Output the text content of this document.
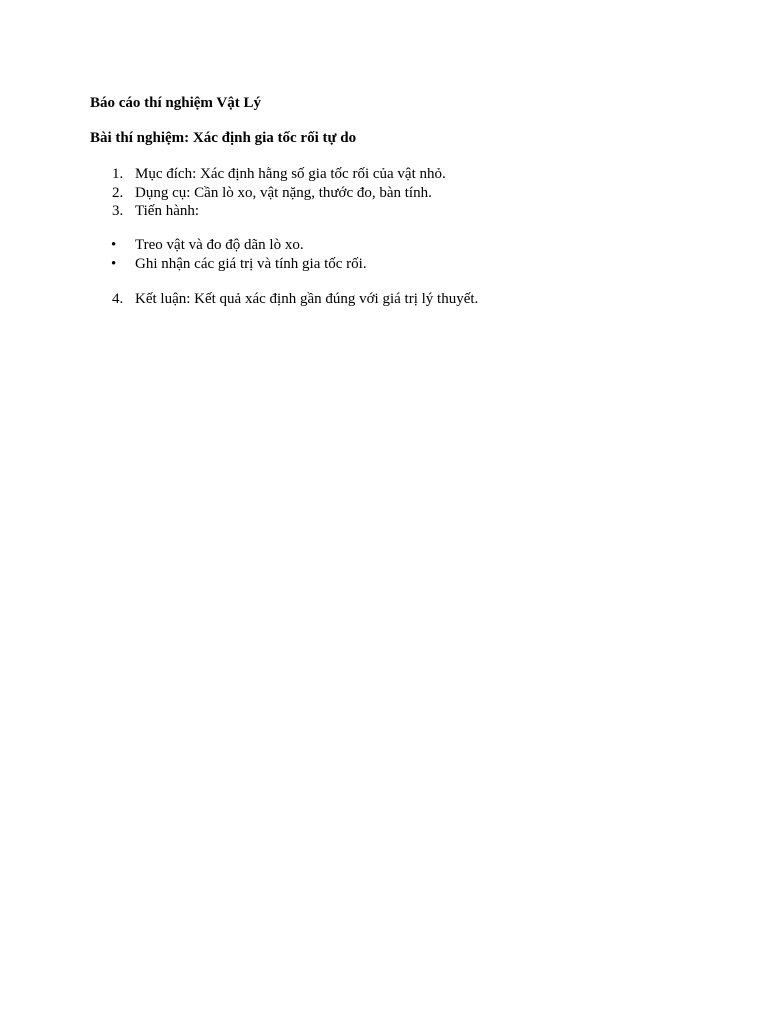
Báo cáo thí nghiệm Vật Lý

Bài thí nghiệm: Xác định gia tốc rối tự do

1. Mục đích: Xác định hằng số gia tốc rối của vật nhỏ.
2. Dụng cụ: Cần lò xo, vật nặng, thước đo, bàn tính.
3. Tiến hành:
• Treo vật và đo độ dãn lò xo.
• Ghi nhận các giá trị và tính gia tốc rối.
4. Kết luận: Kết quả xác định gần đúng với giá trị lý thuyết.
